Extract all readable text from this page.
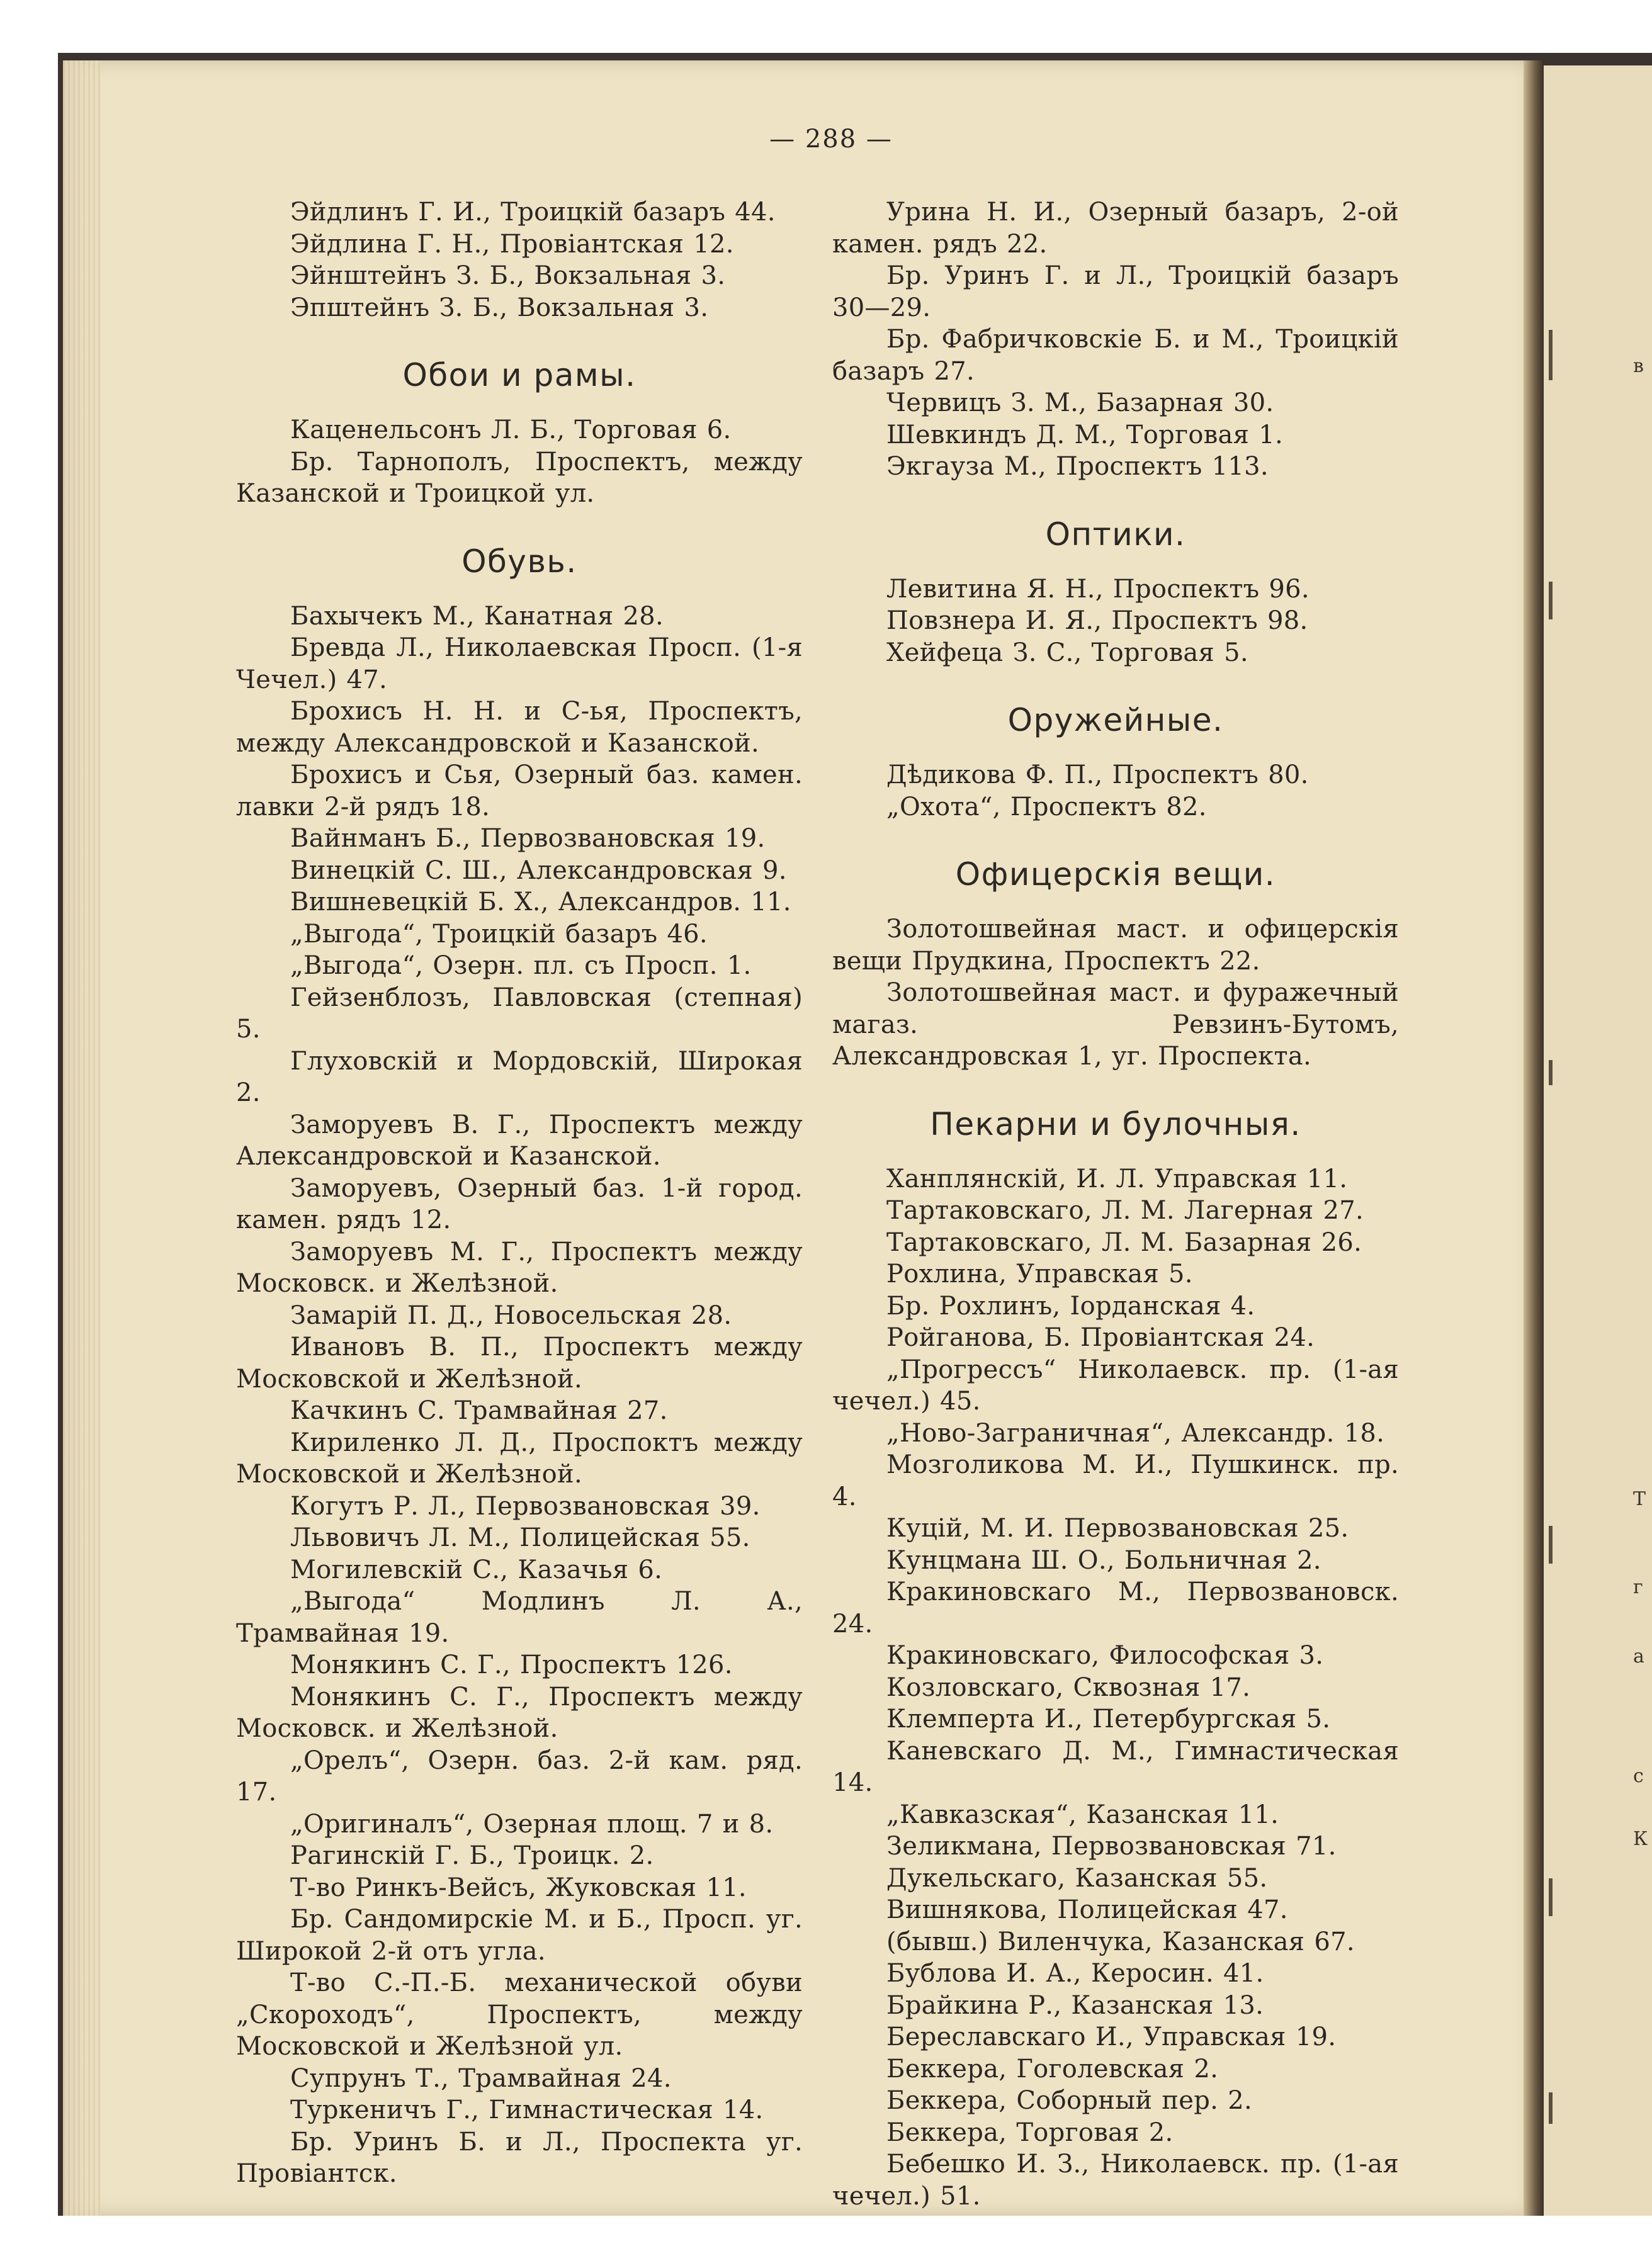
в
Т
г
а
с
К
— 288 —

Эйдлинъ Г. И., Троицкій базаръ 44.

Эйдлина Г. Н., Провіантская 12.

Эйнштейнъ З. Б., Вокзальная 3.

Эпштейнъ З. Б., Вокзальная 3.

Обои и рамы.

Каценельсонъ Л. Б., Торговая 6.

Бр. Тарнополъ, Проспектъ, между Казанской и Троицкой ул.

Обувь.

Бахычекъ М., Канатная 28.

Бревда Л., Николаевская Просп. (1-я Чечел.) 47.

Брохисъ Н. Н. и С-ья, Проспектъ, между Александровской и Казанской.

Брохисъ и Сья, Озерный баз. камен. лавки 2-й рядъ 18.

Вайнманъ Б., Первозвановская 19.

Винецкій С. Ш., Александровская 9.

Вишневецкій Б. Х., Александров. 11.

„Выгода“, Троицкій базаръ 46.

„Выгода“, Озерн. пл. съ Просп. 1.

Гейзенблозъ, Павловская (степная) 5.

Глуховскій и Мордовскій, Широкая 2.

Заморуевъ В. Г., Проспектъ между Александровской и Казанской.

Заморуевъ, Озерный баз. 1-й город. камен. рядъ 12.

Заморуевъ М. Г., Проспектъ между Московск. и Желѣзной.

Замарій П. Д., Новосельская 28.

Ивановъ В. П., Проспектъ между Московской и Желѣзной.

Качкинъ С. Трамвайная 27.

Кириленко Л. Д., Проспоктъ между Московской и Желѣзной.

Когутъ Р. Л., Первозвановская 39.

Львовичъ Л. М., Полицейская 55.

Могилевскій С., Казачья 6.

„Выгода“ Модлинъ Л. А., Трамвайная 19.

Монякинъ С. Г., Проспектъ 126.

Монякинъ С. Г., Проспектъ между Московск. и Желѣзной.

„Орелъ“, Озерн. баз. 2-й кам. ряд. 17.

„Оригиналъ“, Озерная площ. 7 и 8.

Рагинскій Г. Б., Троицк. 2.

Т-во Ринкъ-Вейсъ, Жуковская 11.

Бр. Сандомирскіе М. и Б., Просп. уг. Широкой 2-й отъ угла.

Т-во С.-П.-Б. механической обуви „Скороходъ“, Проспектъ, между Московской и Желѣзной ул.

Супрунъ Т., Трамвайная 24.

Туркеничъ Г., Гимнастическая 14.

Бр. Уринъ Б. и Л., Проспекта уг. Провіантск.

Урина Н. И., Озерный базаръ, 2-ой камен. рядъ 22.

Бр. Уринъ Г. и Л., Троицкій базаръ 30—29.

Бр. Фабричковскіе Б. и М., Троицкій базаръ 27.

Червицъ З. М., Базарная 30.

Шевкиндъ Д. М., Торговая 1.

Экгауза М., Проспектъ 113.

Оптики.

Левитина Я. Н., Проспектъ 96.

Повзнера И. Я., Проспектъ 98.

Хейфеца З. С., Торговая 5.

Оружейные.

Дѣдикова Ф. П., Проспектъ 80.

„Охота“, Проспектъ 82.

Офицерскія вещи.

Золотошвейная маст. и офицерскія вещи Прудкина, Проспектъ 22.

Золотошвейная маст. и фуражечный магаз. Ревзинъ-Бутомъ, Александровская 1, уг. Проспекта.

Пекарни и булочныя.

Ханплянскій, И. Л. Управская 11.

Тартаковскаго, Л. М. Лагерная 27.

Тартаковскаго, Л. М. Базарная 26.

Рохлина, Управская 5.

Бр. Рохлинъ, Іорданская 4.

Ройганова, Б. Провіантская 24.

„Прогрессъ“ Николаевск. пр. (1-ая чечел.) 45.

„Ново-Заграничная“, Александр. 18.

Мозголикова М. И., Пушкинск. пр. 4.

Куцій, М. И. Первозвановская 25.

Кунцмана Ш. О., Больничная 2.

Кракиновскаго М., Первозвановск. 24.

Кракиновскаго, Философская 3.

Козловскаго, Сквозная 17.

Клемперта И., Петербургская 5.

Каневскаго Д. М., Гимнастическая 14.

„Кавказская“, Казанская 11.

Зеликмана, Первозвановская 71.

Дукельскаго, Казанская 55.

Вишнякова, Полицейская 47.

(бывш.) Виленчука, Казанская 67.

Бублова И. А., Керосин. 41.

Брайкина Р., Казанская 13.

Береславскаго И., Управская 19.

Беккера, Гоголевская 2.

Беккера, Соборный пер. 2.

Беккера, Торговая 2.

Бебешко И. З., Николаевск. пр. (1-ая чечел.) 51.
